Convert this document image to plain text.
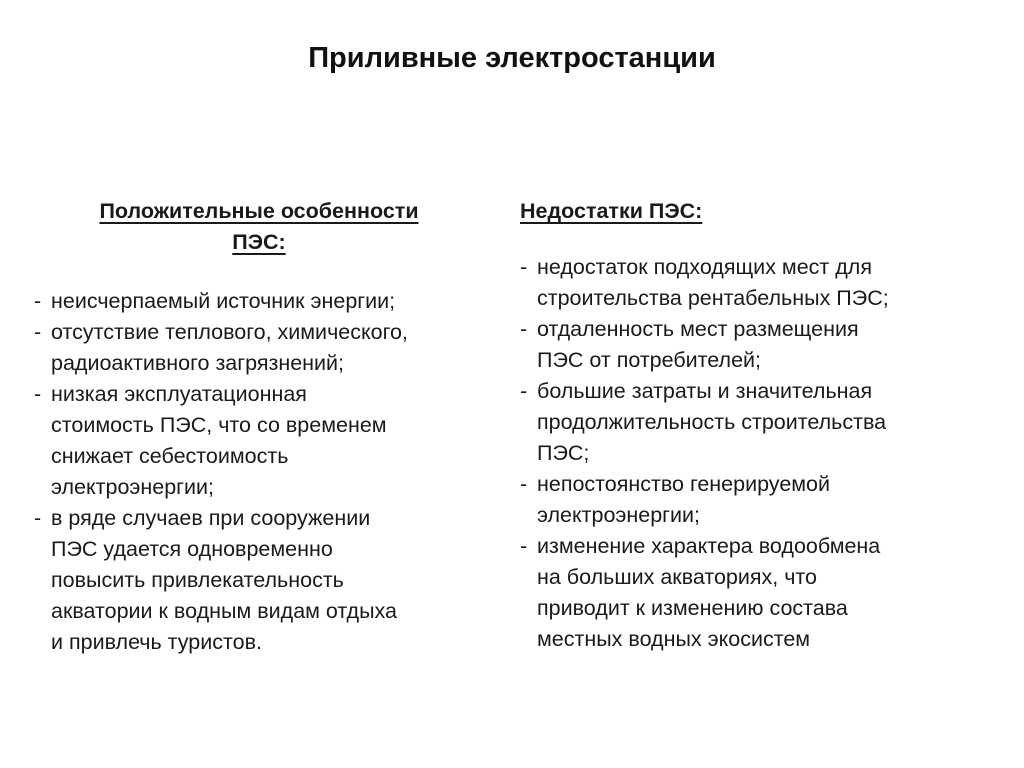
Приливные электростанции
Положительные особенности
ПЭС:
- неисчерпаемый источник энергии;
- отсутствие теплового, химического,
радиоактивного загрязнений;
- низкая эксплуатационная
стоимость ПЭС, что со временем
снижает себестоимость
электроэнергии;
- в ряде случаев при сооружении
ПЭС удается одновременно
повысить привлекательность
акватории к водным видам отдыха
и привлечь туристов.
Недостатки ПЭС:
- недостаток подходящих мест для
строительства рентабельных ПЭС;
- отдаленность мест размещения
ПЭС от потребителей;
- большие затраты и значительная
продолжительность строительства
ПЭС;
- непостоянство генерируемой
электроэнергии;
- изменение характера водообмена
на больших акваториях, что
приводит к изменению состава
местных водных экосистем
